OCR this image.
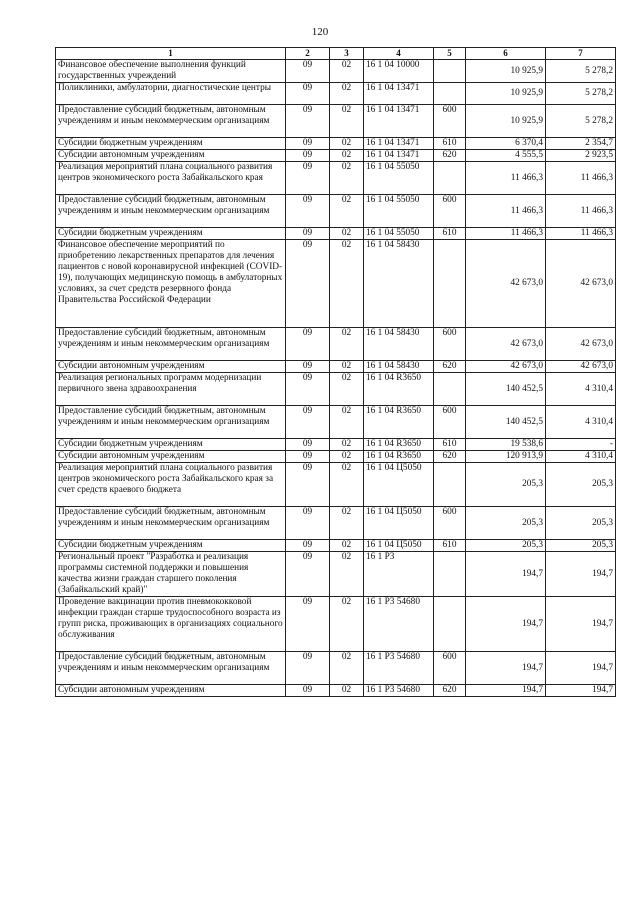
120
1	2	3	4	5	6	7
Финансовое обеспечение выполнения функций государственных учреждений	09	02	16 1 04 10000		10 925,9	5 278,2
Поликлиники, амбулатории, диагностические центры	09	02	16 1 04 13471		10 925,9	5 278,2
Предоставление субсидий бюджетным, автономным учреждениям и иным некоммерческим организациям	09	02	16 1 04 13471	600	10 925,9	5 278,2
Субсидии бюджетным учреждениям	09	02	16 1 04 13471	610	6 370,4	2 354,7
Субсидии автономным учреждениям	09	02	16 1 04 13471	620	4 555,5	2 923,5
Реализация мероприятий плана социального развития центров экономического роста Забайкальского края	09	02	16 1 04 55050		11 466,3	11 466,3
Предоставление субсидий бюджетным, автономным учреждениям и иным некоммерческим организациям	09	02	16 1 04 55050	600	11 466,3	11 466,3
Субсидии бюджетным учреждениям	09	02	16 1 04 55050	610	11 466,3	11 466,3
Финансовое обеспечение мероприятий по приобретению лекарственных препаратов для лечения пациентов с новой коронавирусной инфекцией (COVID-19), получающих медицинскую помощь в амбулаторных условиях, за счет средств резервного фонда Правительства Российской Федерации	09	02	16 1 04 58430		42 673,0	42 673,0
Предоставление субсидий бюджетным, автономным учреждениям и иным некоммерческим организациям	09	02	16 1 04 58430	600	42 673,0	42 673,0
Субсидии автономным учреждениям	09	02	16 1 04 58430	620	42 673,0	42 673,0
Реализация региональных программ модернизации первичного звена здравоохранения	09	02	16 1 04 R3650		140 452,5	4 310,4
Предоставление субсидий бюджетным, автономным учреждениям и иным некоммерческим организациям	09	02	16 1 04 R3650	600	140 452,5	4 310,4
Субсидии бюджетным учреждениям	09	02	16 1 04 R3650	610	19 538,6	-
Субсидии автономным учреждениям	09	02	16 1 04 R3650	620	120 913,9	4 310,4
Реализация мероприятий плана социального развития центров экономического роста Забайкальского края за счет средств краевого бюджета	09	02	16 1 04 Ц5050		205,3	205,3
Предоставление субсидий бюджетным, автономным учреждениям и иным некоммерческим организациям	09	02	16 1 04 Ц5050	600	205,3	205,3
Субсидии бюджетным учреждениям	09	02	16 1 04 Ц5050	610	205,3	205,3
Региональный проект "Разработка и реализация программы системной поддержки и повышения качества жизни граждан старшего поколения (Забайкальский край)"	09	02	16 1 P3		194,7	194,7
Проведение вакцинации против пневмококковой инфекции граждан старше трудоспособного возраста из групп риска, проживающих в организациях социального обслуживания	09	02	16 1 P3 54680		194,7	194,7
Предоставление субсидий бюджетным, автономным учреждениям и иным некоммерческим организациям	09	02	16 1 P3 54680	600	194,7	194,7
Субсидии автономным учреждениям	09	02	16 1 P3 54680	620	194,7	194,7
